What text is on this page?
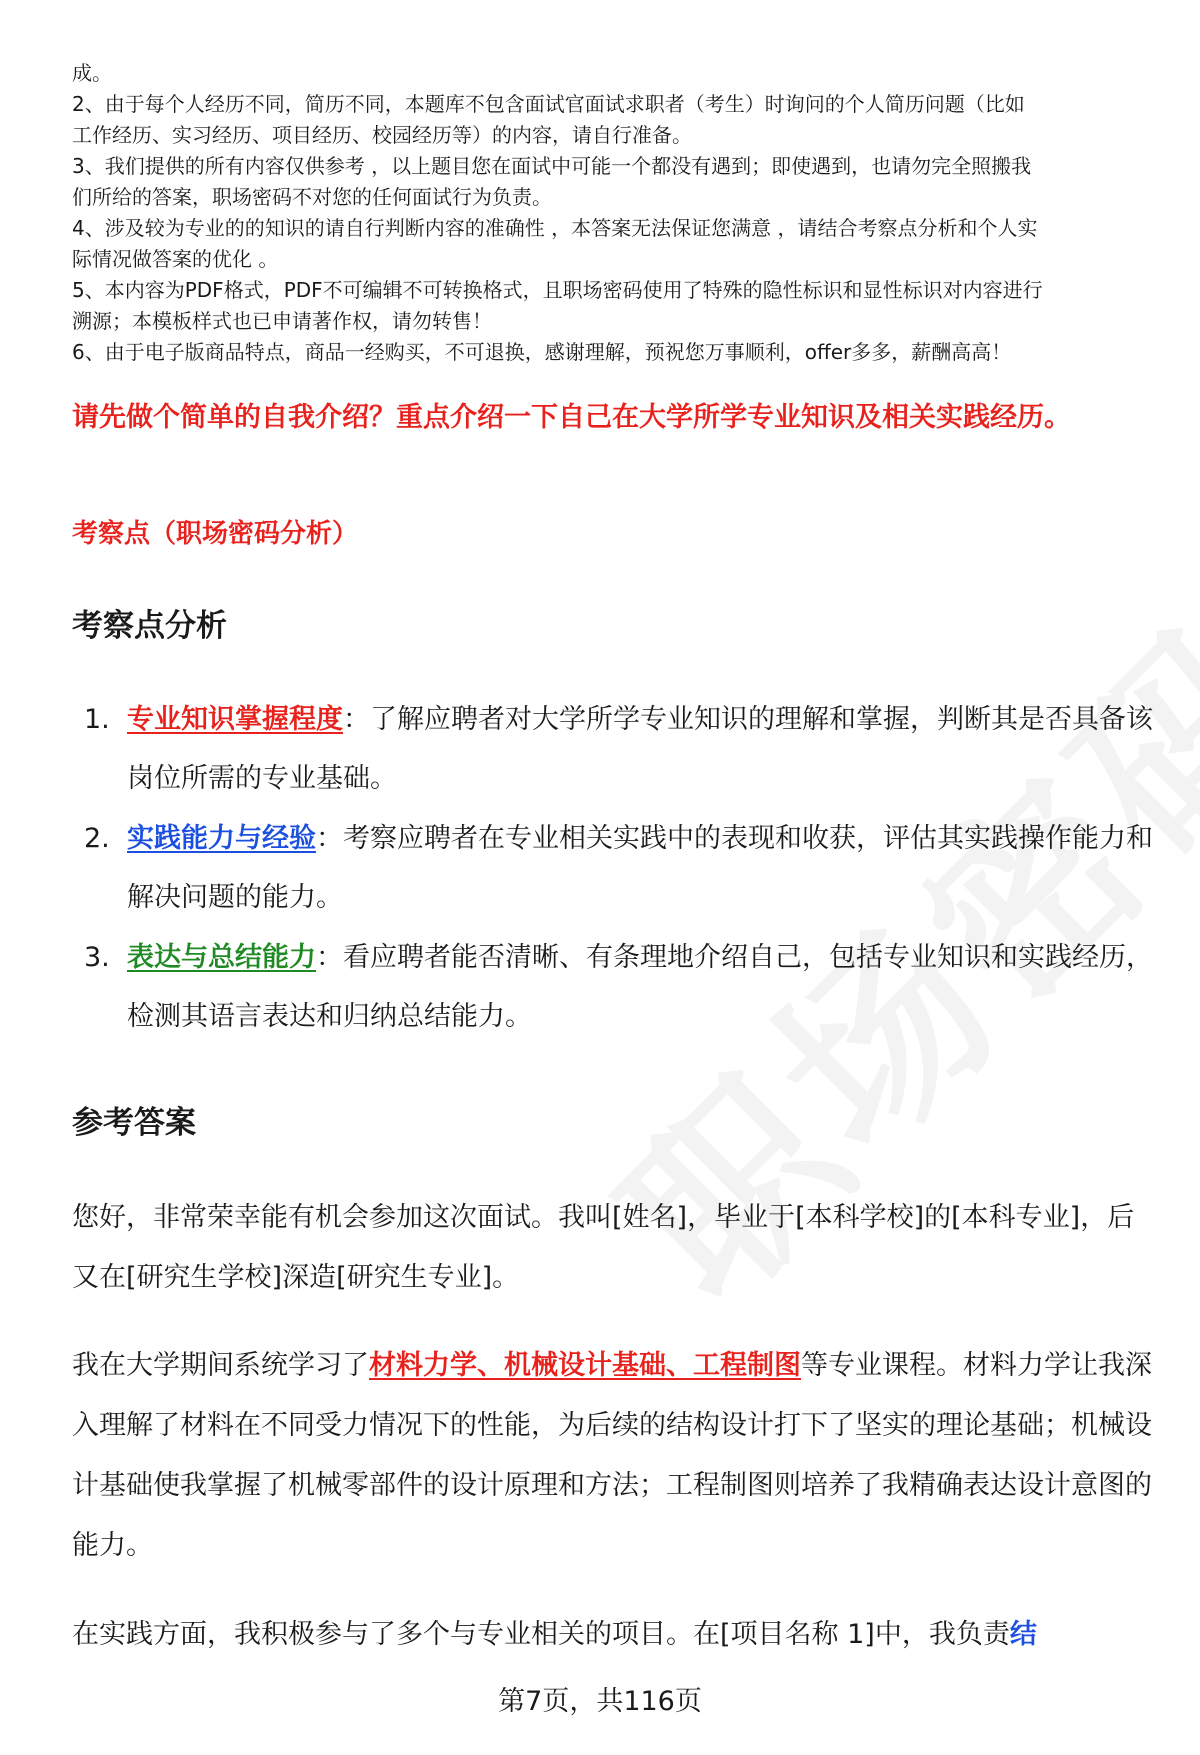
成。

2、由于每个人经历不同，简历不同，本题库不包含面试官面试求职者（考生）时询问的个人简历问题（比如

工作经历、实习经历、项目经历、校园经历等）的内容，请自行准备。

3、我们提供的所有内容仅供参考 ，以上题目您在面试中可能一个都没有遇到；即使遇到，也请勿完全照搬我

们所给的答案，职场密码不对您的任何面试行为负责。

4、涉及较为专业的的知识的请自行判断内容的准确性 ，本答案无法保证您满意 ，请结合考察点分析和个人实

际情况做答案的优化 。

5、本内容为PDF格式，PDF不可编辑不可转换格式，且职场密码使用了特殊的隐性标识和显性标识对内容进行

溯源；本模板样式也已申请著作权，请勿转售！

6、由于电子版商品特点，商品一经购买，不可退换，感谢理解，预祝您万事顺利，offer多多，薪酬高高！

请先做个简单的自我介绍？重点介绍一下自己在大学所学专业知识及相关实践经历。
考察点（职场密码分析）
考察点分析
1. 专业知识掌握程度：了解应聘者对大学所学专业知识的理解和掌握，判断其是否具备该岗位所需的专业基础。
2. 实践能力与经验：考察应聘者在专业相关实践中的表现和收获，评估其实践操作能力和解决问题的能力。
3. 表达与总结能力：看应聘者能否清晰、有条理地介绍自己，包括专业知识和实践经历，检测其语言表达和归纳总结能力。
参考答案
您好，非常荣幸能有机会参加这次面试。我叫[姓名]，毕业于[本科学校]的[本科专业]，后又在[研究生学校]深造[研究生专业]。
我在大学期间系统学习了材料力学、机械设计基础、工程制图等专业课程。材料力学让我深入理解了材料在不同受力情况下的性能，为后续的结构设计打下了坚实的理论基础；机械设计基础使我掌握了机械零部件的设计原理和方法；工程制图则培养了我精确表达设计意图的能力。
在实践方面，我积极参与了多个与专业相关的项目。在[项目名称 1]中，我负责结
第7页，共116页
